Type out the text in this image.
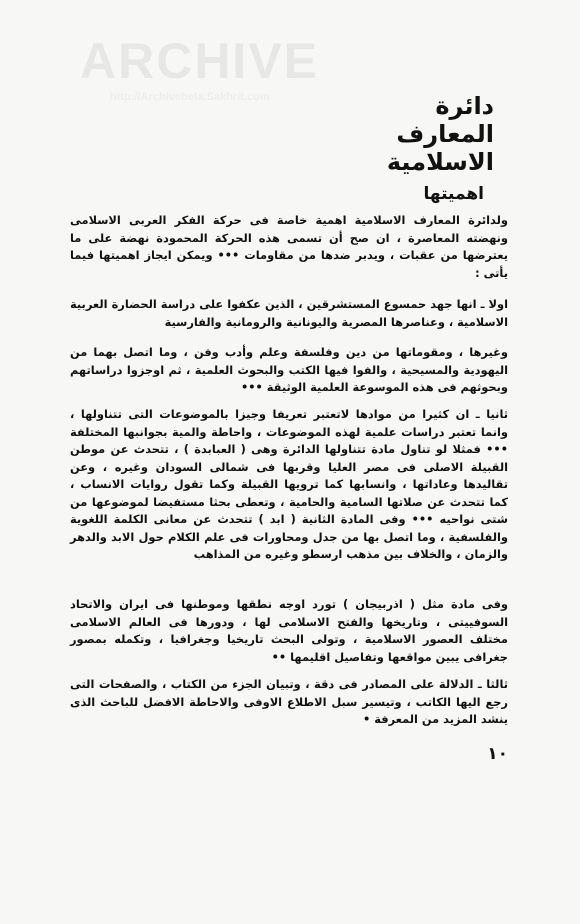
ARCHIVE
http://Archivebeta.Sakhrit.com	دائرة

المعارف

الاسلامية

اهميتها

ولدائرة المعارف الاسلامية اهمية خاصة فى حركة الفكر العربى الاسلامى ونهضته المعاصرة ، ان صح أن تسمى هذه الحركة المحمودة نهضة على ما يعترضها من عقبات ، ويدبر ضدها من مقاومات ••• ويمكن ايجاز اهميتها فيما يأتى :

اولا ـ انها جهد حمسوع المستشرقين ، الذين عكفوا على دراسة الحضارة العربية الاسلامية ، وعناصرها المصرية واليونانية والرومانية والفارسية

وغيرها ، ومقوماتها من دين وفلسفة وعلم وأدب وفن ، وما اتصل بهما من اليهودية والمسيحية ، والفوا فيها الكتب والبحوث العلمية ، ثم اوجزوا دراساتهم وبحوثهم فى هذه الموسوعة العلمية الوثيقة •••

ثانيا ـ ان كثيرا من موادها لاتعتبر تعريفا وجيزا بالموضوعات التى تتناولها ، وانما تعتبر دراسات علمية لهذه الموضوعات ، واحاطة والمية بجوانبها المختلفة ••• فمثلا لو تناول مادة تتناولها الدائرة وهى ( العبابدة ) ، تتحدث عن موطن القبيلة الاصلى فى مصر العليا وقربها فى شمالى السودان وغيره ، وعن تقاليدها وعاداتها ، وانسابها كما ترويها القبيلة وكما تقول روايات الانساب ، كما تتحدث عن صلاتها السامية والحامية ، وتعطى بحثا مستفيضا لموضوعها من شتى نواحيه ••• وفى المادة الثانية ( ابد ) تتحدث عن معانى الكلمة اللغوية والفلسفية ، وما اتصل بها من جدل ومحاورات فى علم الكلام حول الابد والدهر والزمان ، والخلاف بين مذهب ارسطو وغيره من المذاهب

وفى مادة مثل ( اذربيجان ) تورد اوجه نطقها وموطنها فى ايران والاتحاد السوفييتى ، وتاريخها والفتح الاسلامى لها ، ودورها فى العالم الاسلامى مختلف العصور الاسلامية ، وتولى البحث تاريخيا وجغرافيا ، وتكمله بمصور جغرافى يبين مواقعها وتفاصيل اقليمها ••

ثالثا ـ الدلالة على المصادر فى دقة ، وتبيان الجزء من الكتاب ، والصفحات التى رجع اليها الكاتب ، وتيسير سبل الاطلاع الاوفى والاحاطة الافضل للباحث الذى ينشد المزيد من المعرفة •

١٠
